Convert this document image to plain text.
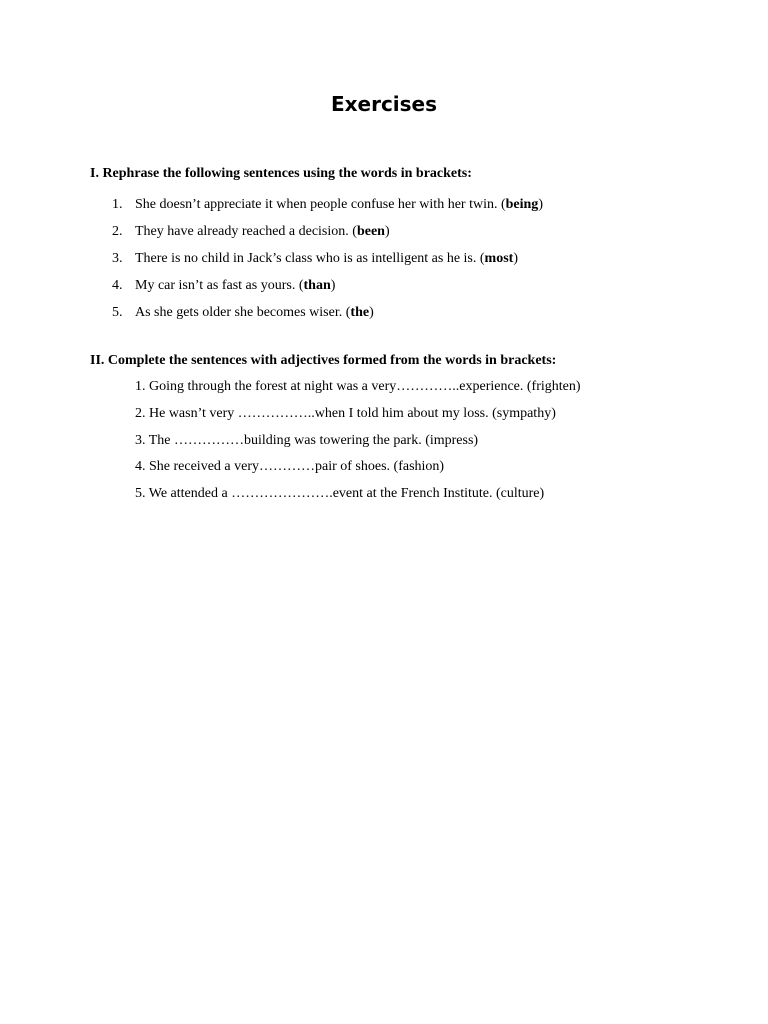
Exercises
I. Rephrase the following sentences using the words in brackets:
1. She doesn’t appreciate it when people confuse her with her twin. (being)
2. They have already reached a decision. (been)
3. There is no child in Jack’s class who is as intelligent as he is. (most)
4. My car isn’t as fast as yours. (than)
5. As she gets older she becomes wiser. (the)
II. Complete the sentences with adjectives formed from the words in brackets:
1. Going through the forest at night was a very…………..experience. (frighten)
2. He wasn’t very ……………..when I told him about my loss. (sympathy)
3. The ……………building was towering the park. (impress)
4. She received a very…………pair of shoes. (fashion)
5. We attended a ………………….event at the French Institute. (culture)
